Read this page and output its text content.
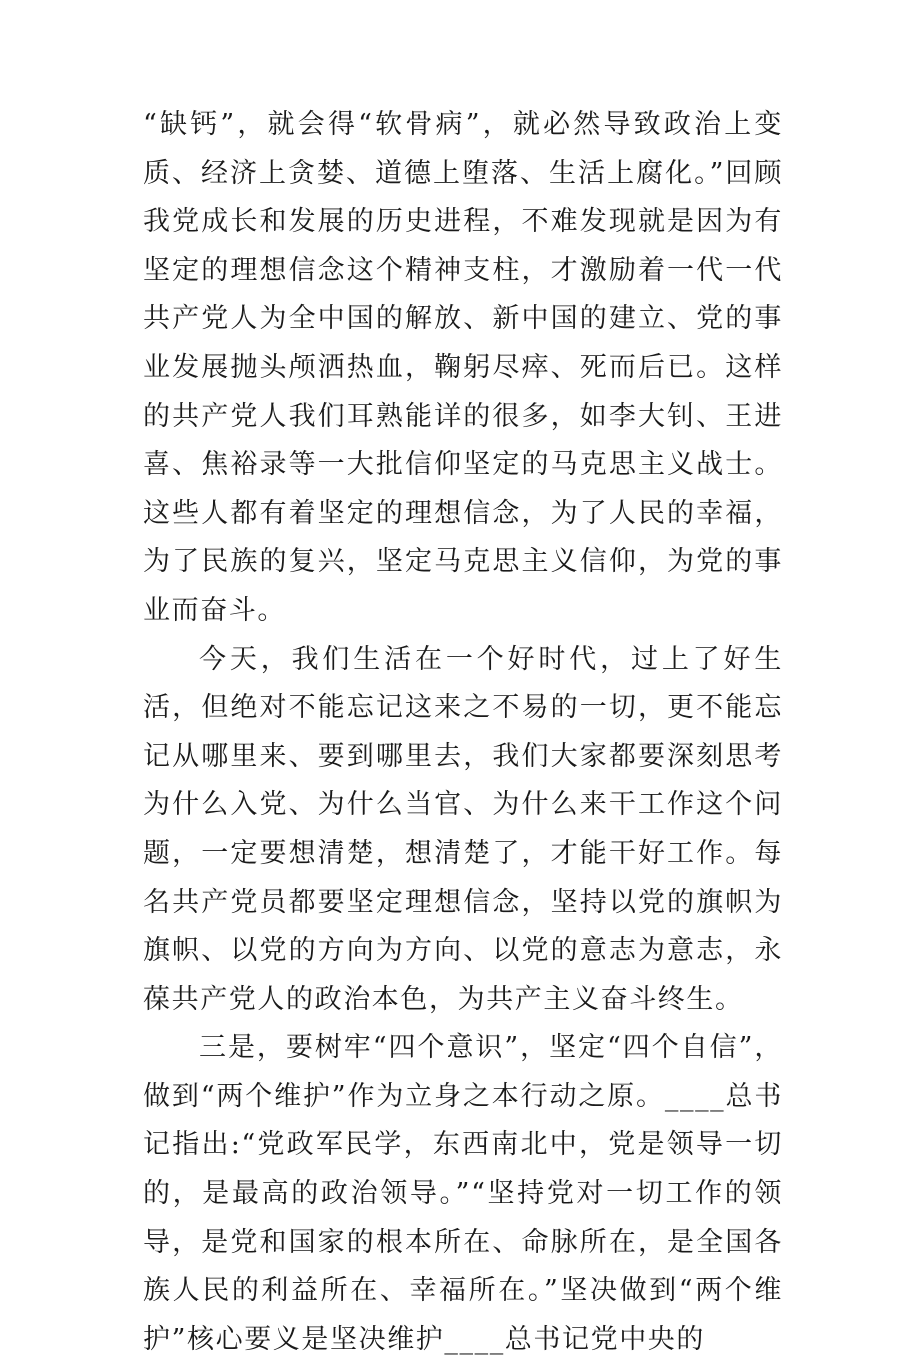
“缺钙”，就会得“软骨病”，就必然导致政治上变质、经济上贪婪、道德上堕落、生活上腐化。”回顾我党成长和发展的历史进程，不难发现就是因为有坚定的理想信念这个精神支柱，才激励着一代一代共产党人为全中国的解放、新中国的建立、党的事业发展抛头颅洒热血，鞠躬尽瘁、死而后已。这样的共产党人我们耳熟能详的很多，如李大钊、王进喜、焦裕录等一大批信仰坚定的马克思主义战士。这些人都有着坚定的理想信念，为了人民的幸福，为了民族的复兴，坚定马克思主义信仰，为党的事业而奋斗。

今天，我们生活在一个好时代，过上了好生活，但绝对不能忘记这来之不易的一切，更不能忘记从哪里来、要到哪里去，我们大家都要深刻思考为什么入党、为什么当官、为什么来干工作这个问题，一定要想清楚，想清楚了，才能干好工作。每名共产党员都要坚定理想信念，坚持以党的旗帜为旗帜、以党的方向为方向、以党的意志为意志，永葆共产党人的政治本色，为共产主义奋斗终生。

三是，要树牢“四个意识”，坚定“四个自信”，做到“两个维护”作为立身之本行动之原。____总书记指出:“党政军民学，东西南北中，党是领导一切的，是最高的政治领导。”“坚持党对一切工作的领导，是党和国家的根本所在、命脉所在，是全国各族人民的利益所在、幸福所在。”坚决做到“两个维护”核心要义是坚决维护____总书记党中央的
